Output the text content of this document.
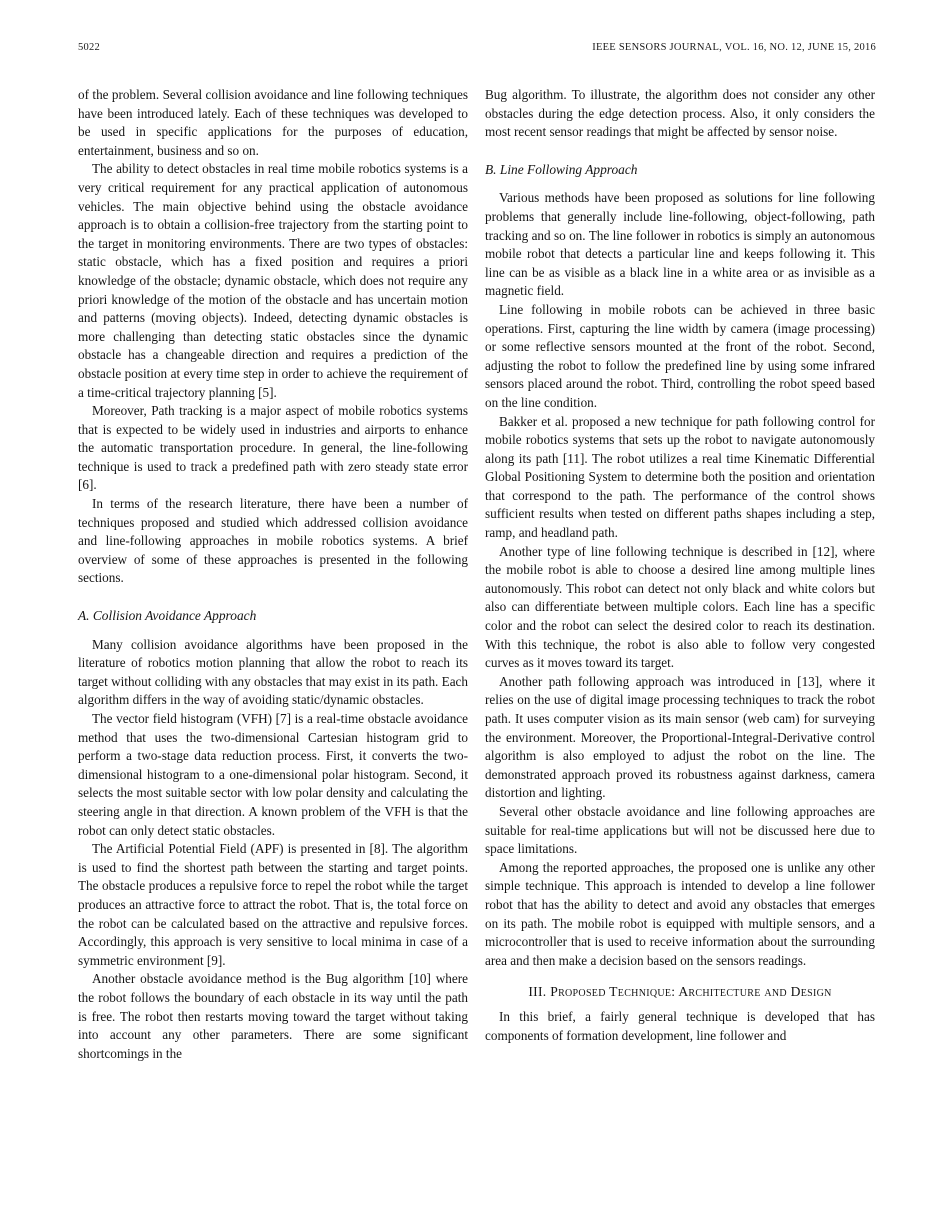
5022	IEEE SENSORS JOURNAL, VOL. 16, NO. 12, JUNE 15, 2016

of the problem. Several collision avoidance and line following techniques have been introduced lately. Each of these techniques was developed to be used in specific applications for the purposes of education, entertainment, business and so on.

The ability to detect obstacles in real time mobile robotics systems is a very critical requirement for any practical application of autonomous vehicles. The main objective behind using the obstacle avoidance approach is to obtain a collision-free trajectory from the starting point to the target in monitoring environments. There are two types of obstacles: static obstacle, which has a fixed position and requires a priori knowledge of the obstacle; dynamic obstacle, which does not require any priori knowledge of the motion of the obstacle and has uncertain motion and patterns (moving objects). Indeed, detecting dynamic obstacles is more challenging than detecting static obstacles since the dynamic obstacle has a changeable direction and requires a prediction of the obstacle position at every time step in order to achieve the requirement of a time-critical trajectory planning [5].

Moreover, Path tracking is a major aspect of mobile robotics systems that is expected to be widely used in industries and airports to enhance the automatic transportation procedure. In general, the line-following technique is used to track a predefined path with zero steady state error [6].

In terms of the research literature, there have been a number of techniques proposed and studied which addressed collision avoidance and line-following approaches in mobile robotics systems. A brief overview of some of these approaches is presented in the following sections.

A. Collision Avoidance Approach

Many collision avoidance algorithms have been proposed in the literature of robotics motion planning that allow the robot to reach its target without colliding with any obstacles that may exist in its path. Each algorithm differs in the way of avoiding static/dynamic obstacles.

The vector field histogram (VFH) [7] is a real-time obstacle avoidance method that uses the two-dimensional Cartesian histogram grid to perform a two-stage data reduction process. First, it converts the two-dimensional histogram to a one-dimensional polar histogram. Second, it selects the most suitable sector with low polar density and calculating the steering angle in that direction. A known problem of the VFH is that the robot can only detect static obstacles.

The Artificial Potential Field (APF) is presented in [8]. The algorithm is used to find the shortest path between the starting and target points. The obstacle produces a repulsive force to repel the robot while the target produces an attractive force to attract the robot. That is, the total force on the robot can be calculated based on the attractive and repulsive forces. Accordingly, this approach is very sensitive to local minima in case of a symmetric environment [9].

Another obstacle avoidance method is the Bug algorithm [10] where the robot follows the boundary of each obstacle in its way until the path is free. The robot then restarts moving toward the target without taking into account any other parameters. There are some significant shortcomings in the

Bug algorithm. To illustrate, the algorithm does not consider any other obstacles during the edge detection process. Also, it only considers the most recent sensor readings that might be affected by sensor noise.

B. Line Following Approach

Various methods have been proposed as solutions for line following problems that generally include line-following, object-following, path tracking and so on. The line follower in robotics is simply an autonomous mobile robot that detects a particular line and keeps following it. This line can be as visible as a black line in a white area or as invisible as a magnetic field.

Line following in mobile robots can be achieved in three basic operations. First, capturing the line width by camera (image processing) or some reflective sensors mounted at the front of the robot. Second, adjusting the robot to follow the predefined line by using some infrared sensors placed around the robot. Third, controlling the robot speed based on the line condition.

Bakker et al. proposed a new technique for path following control for mobile robotics systems that sets up the robot to navigate autonomously along its path [11]. The robot utilizes a real time Kinematic Differential Global Positioning System to determine both the position and orientation that correspond to the path. The performance of the control shows sufficient results when tested on different paths shapes including a step, ramp, and headland path.

Another type of line following technique is described in [12], where the mobile robot is able to choose a desired line among multiple lines autonomously. This robot can detect not only black and white colors but also can differentiate between multiple colors. Each line has a specific color and the robot can select the desired color to reach its destination. With this technique, the robot is also able to follow very congested curves as it moves toward its target.

Another path following approach was introduced in [13], where it relies on the use of digital image processing techniques to track the robot path. It uses computer vision as its main sensor (web cam) for surveying the environment. Moreover, the Proportional-Integral-Derivative control algorithm is also employed to adjust the robot on the line. The demonstrated approach proved its robustness against darkness, camera distortion and lighting.

Several other obstacle avoidance and line following approaches are suitable for real-time applications but will not be discussed here due to space limitations.

Among the reported approaches, the proposed one is unlike any other simple technique. This approach is intended to develop a line follower robot that has the ability to detect and avoid any obstacles that emerges on its path. The mobile robot is equipped with multiple sensors, and a microcontroller that is used to receive information about the surrounding area and then make a decision based on the sensors readings.

III. Proposed Technique: Architecture and Design

In this brief, a fairly general technique is developed that has components of formation development, line follower and
